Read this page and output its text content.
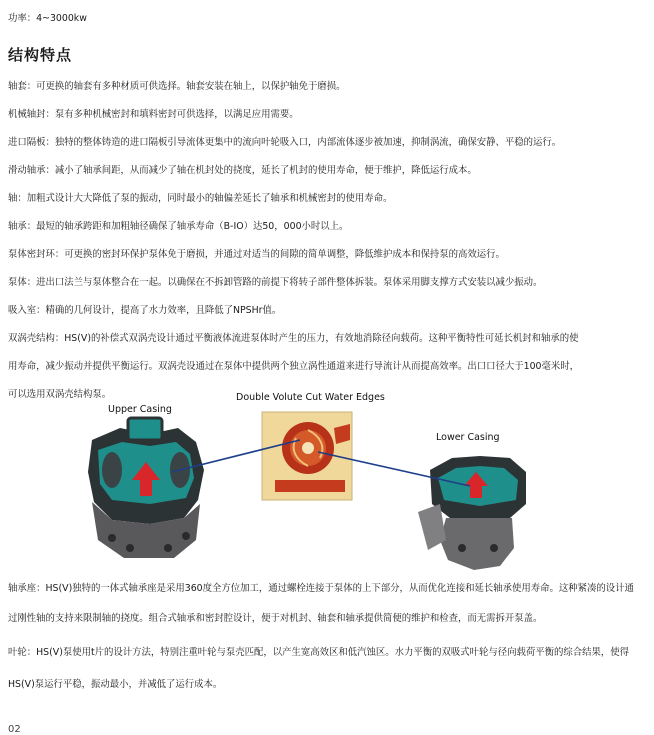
功率：4~3000kw
结构特点
轴套：可更换的轴套有多种材质可供选择。轴套安装在轴上，以保护轴免于磨损。
机械轴封：泵有多种机械密封和填料密封可供选择，以满足应用需要。
进口隔板：独特的整体铸造的进口隔板引导流体更集中的流向叶轮吸入口，内部流体逐步被加速，抑制涡流，确保安静、平稳的运行。
滑动轴承：减小了轴承间距，从而减少了轴在机封处的挠度，延长了机封的使用寿命，便于维护，降低运行成本。
轴：加粗式设计大大降低了泵的振动，同时最小的轴偏差延长了轴承和机械密封的使用寿命。
轴承：最短的轴承跨距和加粗轴径确保了轴承寿命（B-IO）达50，000小时以上。
泵体密封环：可更换的密封环保护泵体免于磨损，并通过对适当的间隙的简单调整，降低维护成本和保持泵的高效运行。
泵体：进出口法兰与泵体整合在一起。以确保在不拆卸管路的前提下将转子部件整体拆装。泵体采用脚支撑方式安装以减少振动。
吸入室：精确的几何设计，提高了水力效率，且降低了NPSHr值。
双涡壳结构：HS(V)的补偿式双涡壳设计通过平衡液体流进泵体时产生的压力，有效地消除径向载荷。这种平衡特性可延长机封和轴承的使
用寿命，减少振动并提供平衡运行。双涡壳设通过在泵体中提供两个独立涡性通道来进行导流计从而提高效率。出口口径大于100毫米时，
可以选用双涡壳结构泵。
Upper Casing
Double Volute Cut Water Edges
Lower Casing
轴承座：HS(V)独特的一体式轴承座是采用360度全方位加工，通过螺栓连接于泵体的上下部分，从而优化连接和延长轴承使用寿命。这种紧凑的设计通
过刚性轴的支持来限制轴的挠度。组合式轴承和密封腔设计，便于对机封、轴套和轴承提供简便的维护和检查，而无需拆开泵盖。
叶轮：HS(V)泵使用t片的设计方法，特别注重叶轮与泵壳匹配，以产生宽高效区和低汽蚀区。水力平衡的双吸式叶轮与径向载荷平衡的综合结果，使得
HS(V)泵运行平稳，振动最小，并减低了运行成本。
02
